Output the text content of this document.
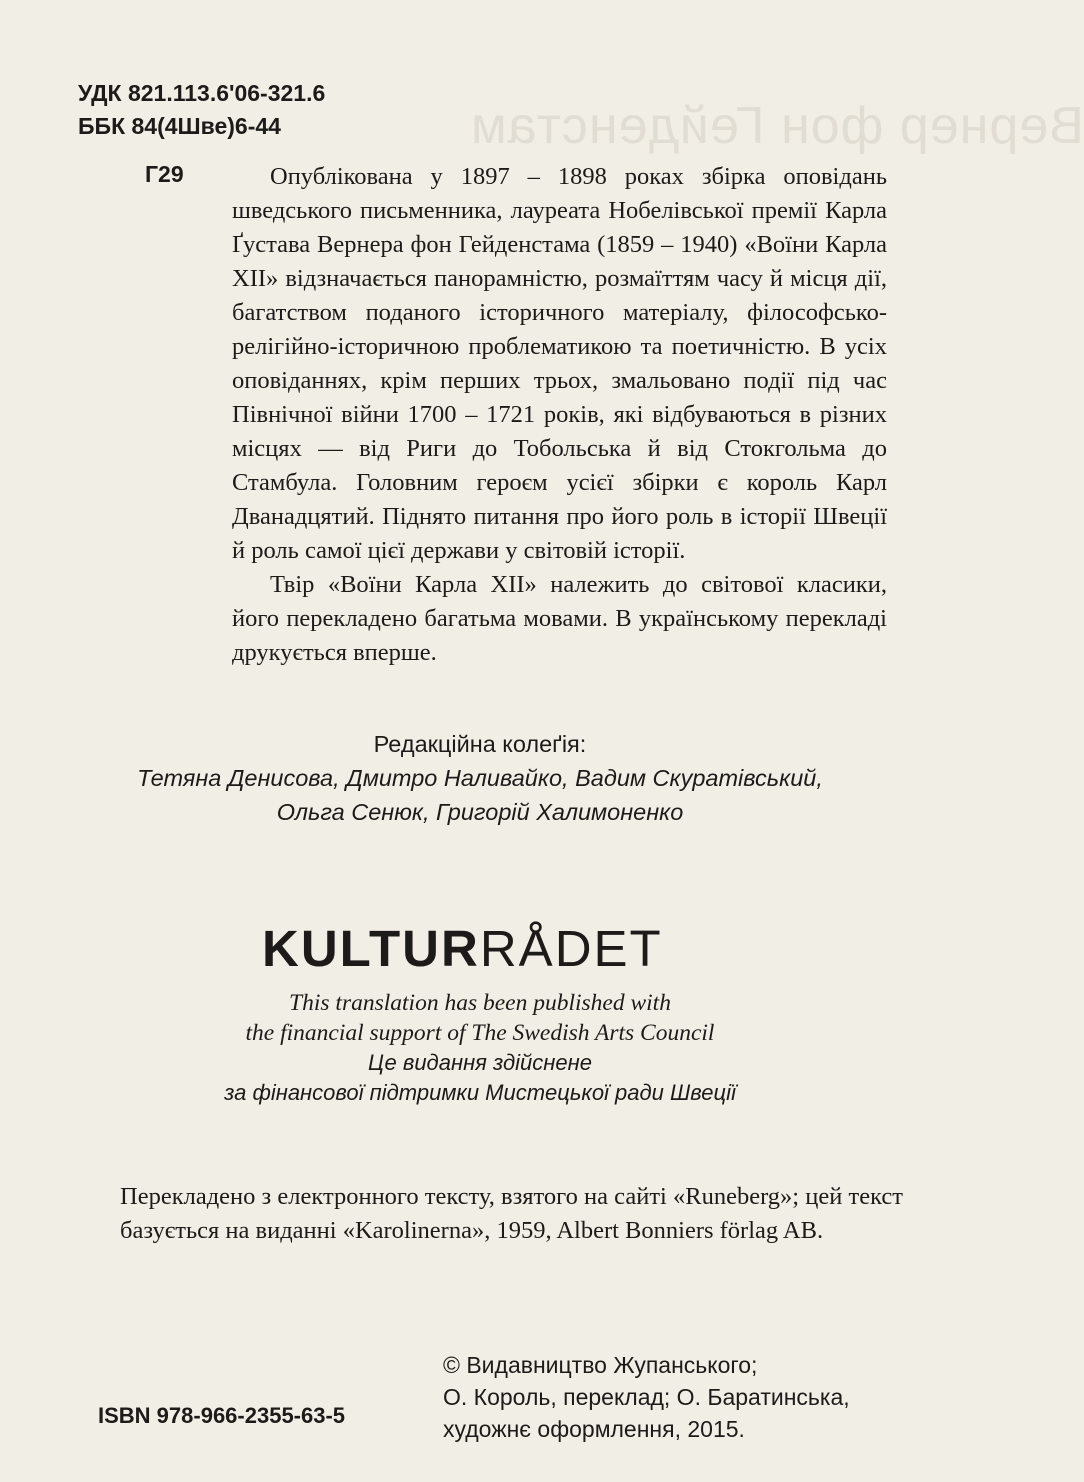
Вернер фон Гейденстам
УДК 821.113.6'06-321.6
ББК 84(4Шве)6-44
Г29	Опублікована у 1897 – 1898 роках збірка оповідань шведського письменника, лауреата Нобелівської премії Карла Ґустава Вернера фон Гейденстама (1859 – 1940) «Воїни Карла ХІІ» відзначається панорамністю, розмаїттям часу й місця дії, багатством поданого історичного матеріалу, філософсько-релігійно-історичною проблематикою та поетичністю. В усіх оповіданнях, крім перших трьох, змальовано події під час Північної війни 1700 – 1721 років, які відбуваються в різних місцях — від Риги до Тобольська й від Стокгольма до Стамбула. Головним героєм усієї збірки є король Карл Дванадцятий. Піднято питання про його роль в історії Швеції й роль самої цієї держави у світовій історії.

Твір «Воїни Карла ХІІ» належить до світової класики, його перекладено багатьма мовами. В українському перекладі друкується вперше.

Редакційна колеґія:
Тетяна Денисова, Дмитро Наливайко, Вадим Скуратівський,
Ольга Сенюк, Григорій Халимоненко
KULTURRÅDET
This translation has been published with
the financial support of The Swedish Arts Council
Це видання здійснене
за фінансової підтримки Мистецької ради Швеції
Перекладено з електронного тексту, взятого на сайті «Runeberg»; цей текст базується на виданні «Karolinerna», 1959, Albert Bonniers förlag AB.
ISBN 978-966-2355-63-5
© Видавництво Жупанського;
О. Король, переклад; О. Баратинська,
художнє оформлення, 2015.
